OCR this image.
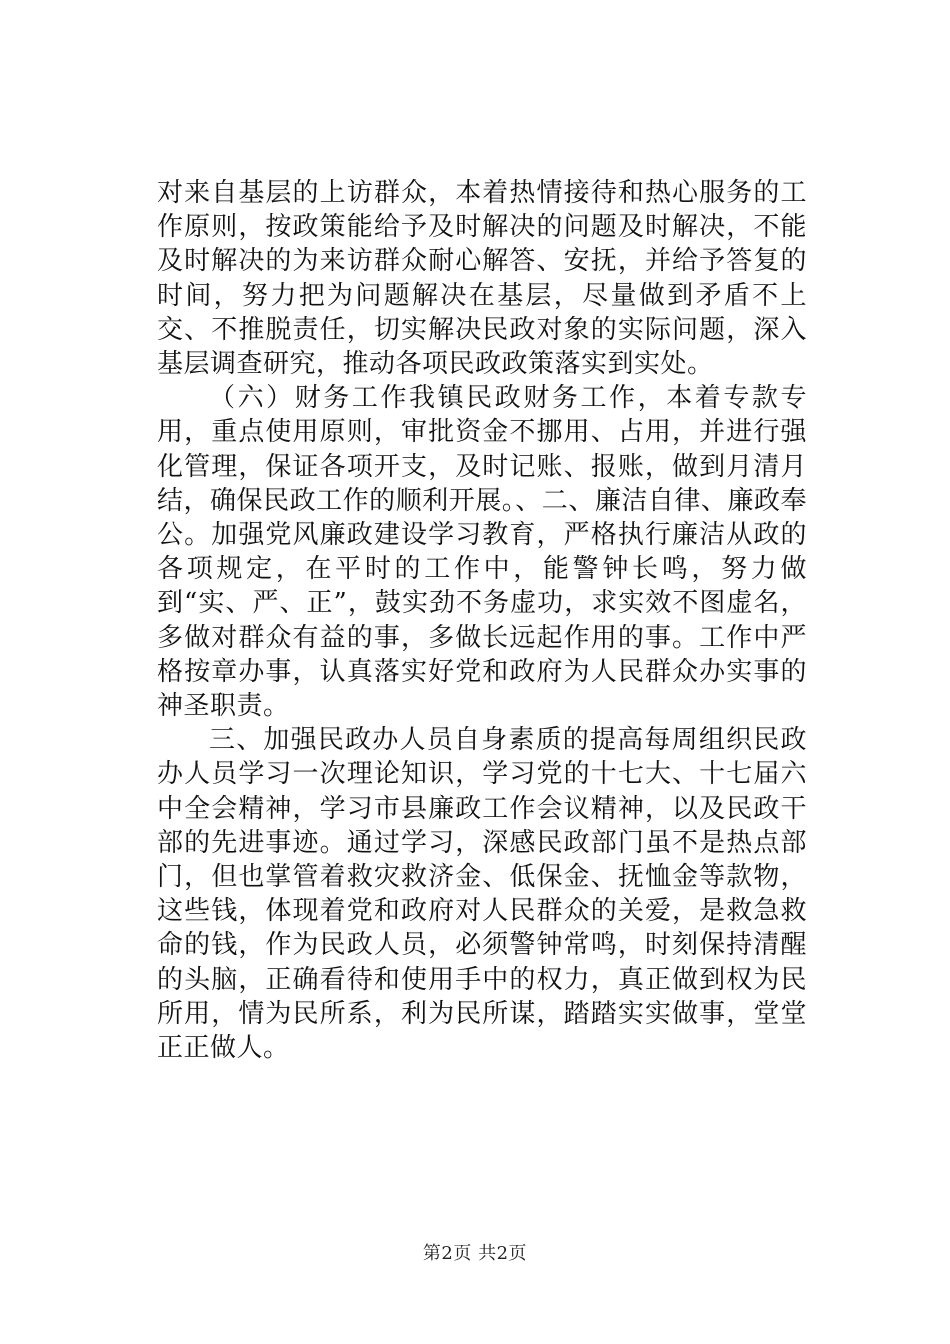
对来自基层的上访群众，本着热情接待和热心服务的工作原则，按政策能给予及时解决的问题及时解决，不能及时解决的为来访群众耐心解答、安抚，并给予答复的时间，努力把为问题解决在基层，尽量做到矛盾不上交、不推脱责任，切实解决民政对象的实际问题，深入基层调查研究，推动各项民政政策落实到实处。

（六）财务工作我镇民政财务工作，本着专款专用，重点使用原则，审批资金不挪用、占用，并进行强化管理，保证各项开支，及时记账、报账，做到月清月结，确保民政工作的顺利开展。、二、廉洁自律、廉政奉公。加强党风廉政建设学习教育，严格执行廉洁从政的各项规定，在平时的工作中，能警钟长鸣，努力做到“实、严、正”，鼓实劲不务虚功，求实效不图虚名，多做对群众有益的事，多做长远起作用的事。工作中严格按章办事，认真落实好党和政府为人民群众办实事的神圣职责。

三、加强民政办人员自身素质的提高每周组织民政办人员学习一次理论知识，学习党的十七大、十七届六中全会精神，学习市县廉政工作会议精神，以及民政干部的先进事迹。通过学习，深感民政部门虽不是热点部门，但也掌管着救灾救济金、低保金、抚恤金等款物，这些钱，体现着党和政府对人民群众的关爱，是救急救命的钱，作为民政人员，必须警钟常鸣，时刻保持清醒的头脑，正确看待和使用手中的权力，真正做到权为民所用，情为民所系，利为民所谋，踏踏实实做事，堂堂正正做人。

第2页 共2页
